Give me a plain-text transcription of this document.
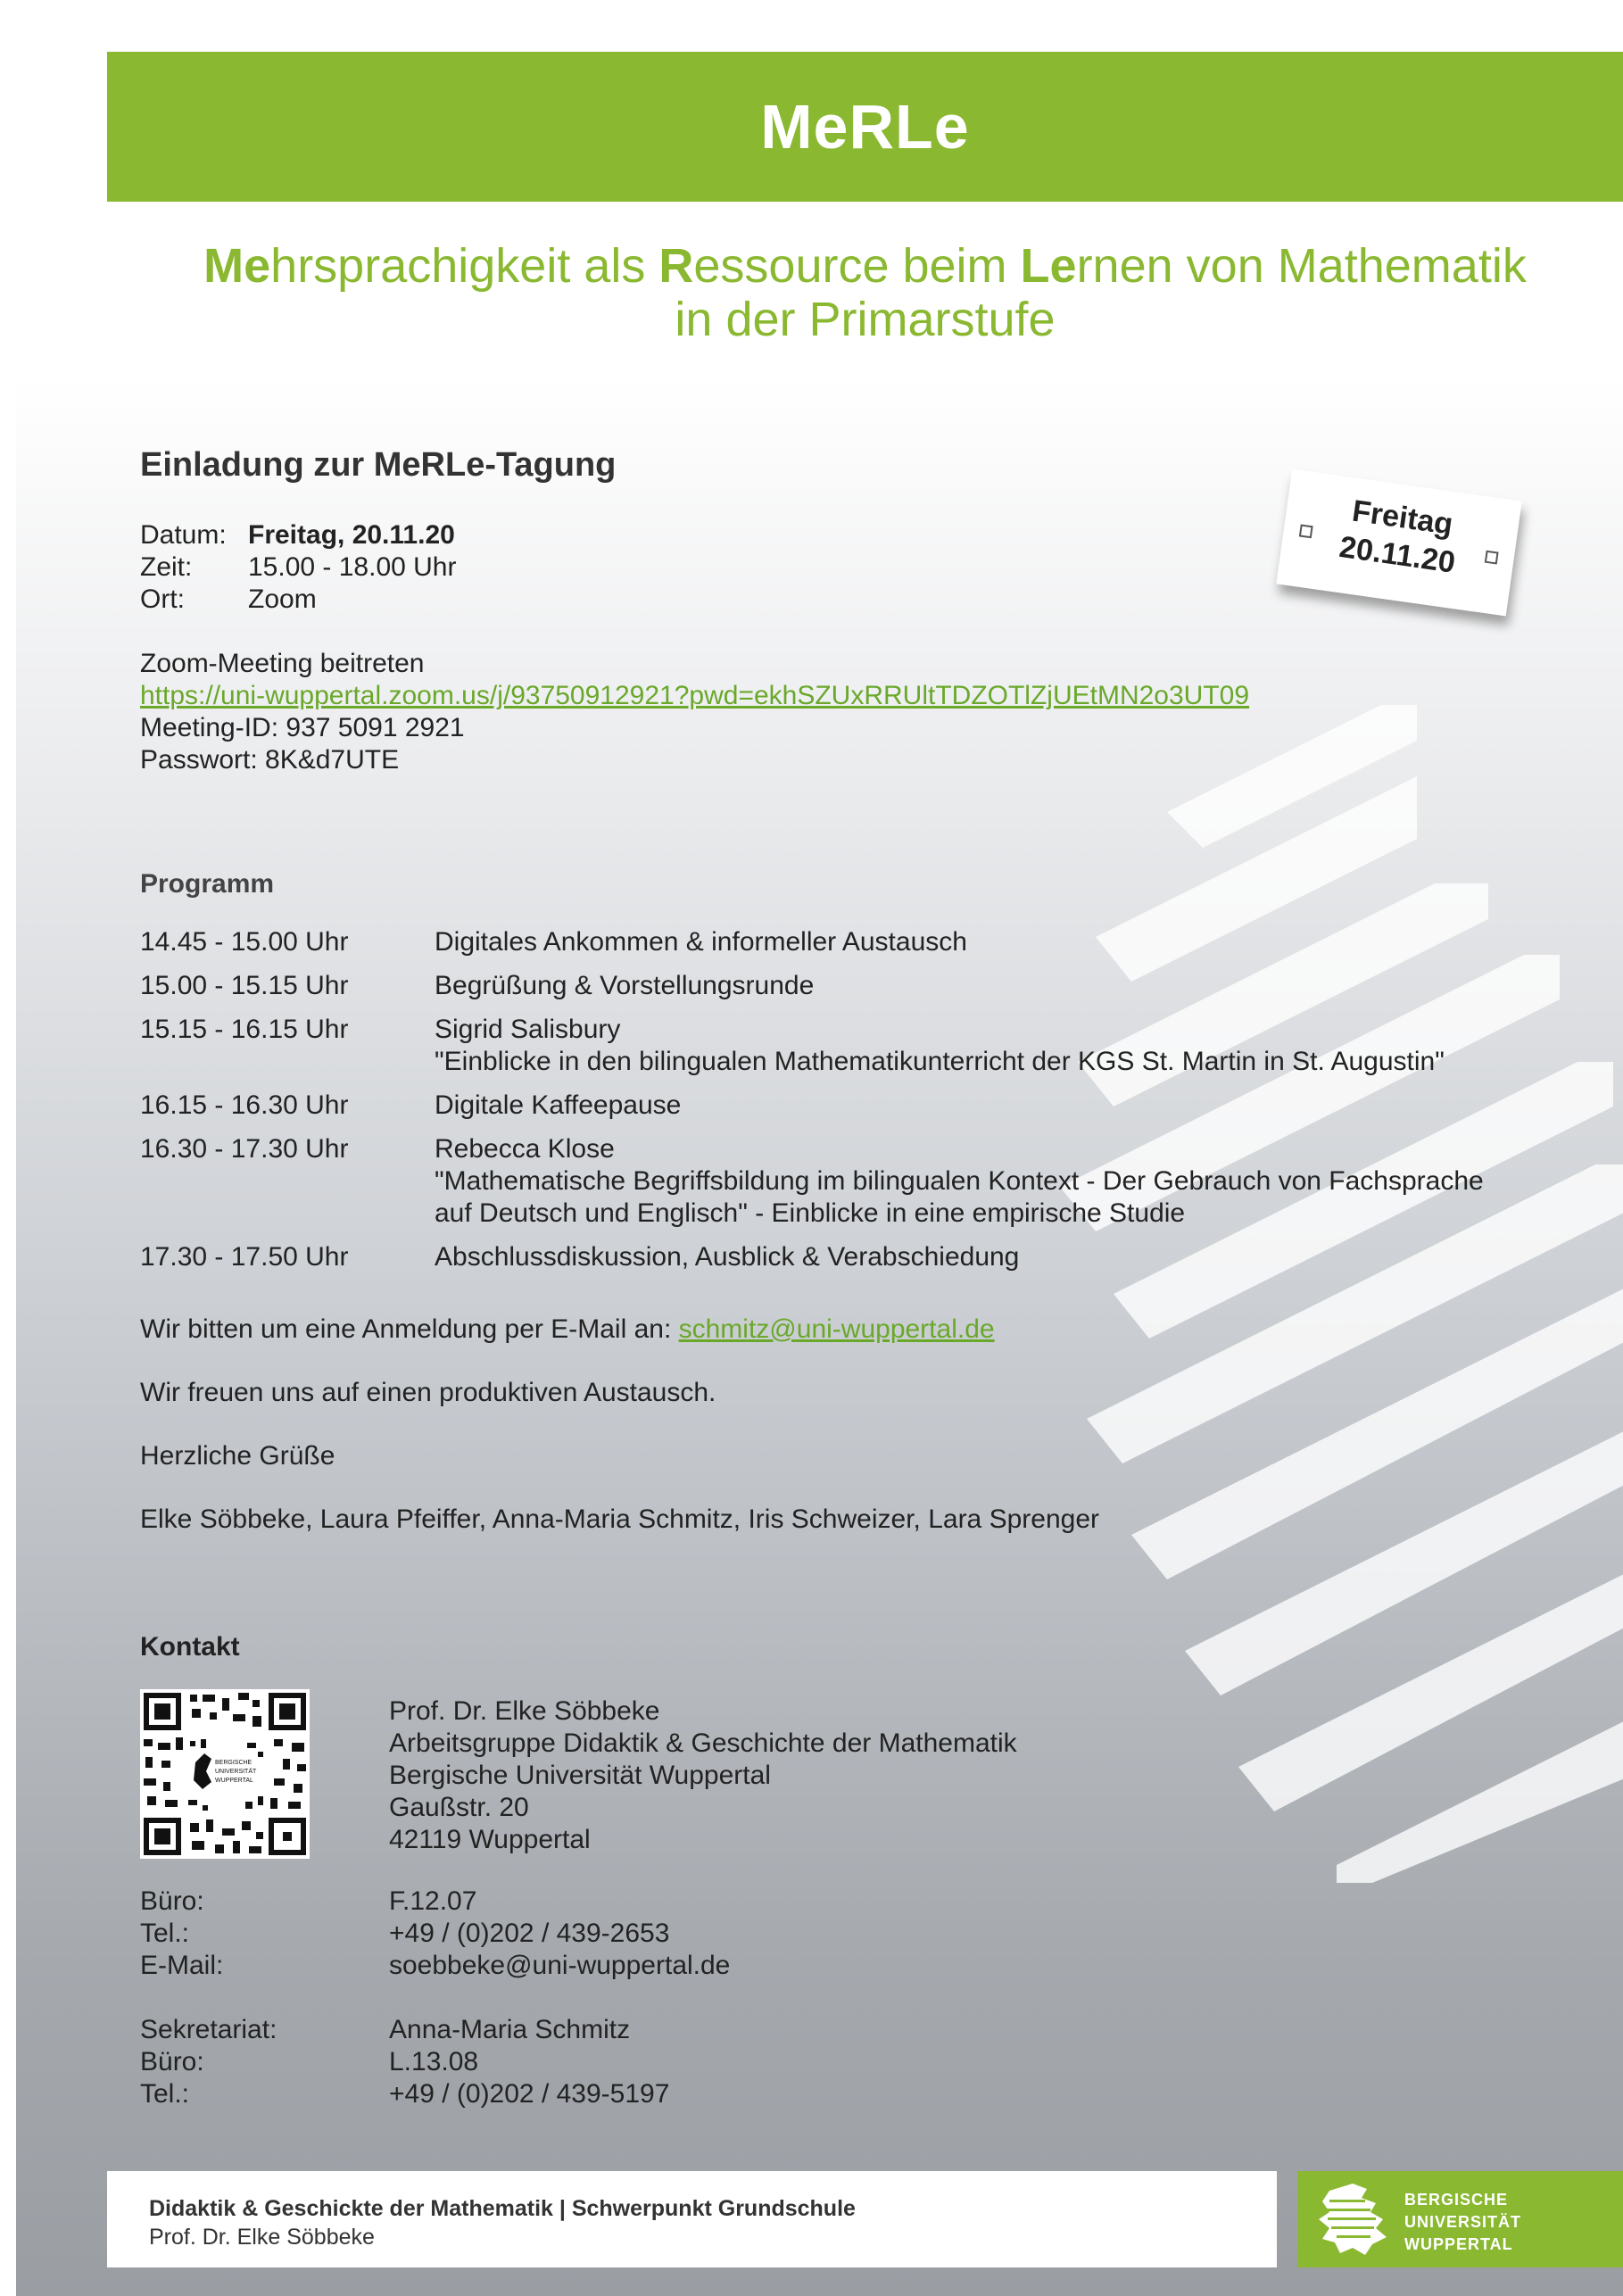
MeRLe
Mehrsprachigkeit als Ressource beim Lernen von Mathematik
in der Primarstufe
Freitag
20.11.20
Einladung zur MeRLe-Tagung
Datum: Freitag, 20.11.20
Zeit:	15.00 - 18.00 Uhr
Ort:	Zoom
Zoom-Meeting beitreten
https://uni-wuppertal.zoom.us/j/93750912921?pwd=ekhSZUxRRUltTDZOTlZjUEtMN2o3UT09
Meeting-ID: 937 5091 2921
Passwort: 8K&d7UTE
Programm
14.45 - 15.00 Uhr	Digitales Ankommen & informeller Austausch
15.00 - 15.15 Uhr	Begrüßung & Vorstellungsrunde
15.15 - 16.15 Uhr	Sigrid Salisbury
"Einblicke in den bilingualen Mathematikunterricht der KGS St. Martin in St. Augustin"
16.15 - 16.30 Uhr	Digitale Kaffeepause
16.30 - 17.30 Uhr	Rebecca Klose
"Mathematische Begriffsbildung im bilingualen Kontext - Der Gebrauch von Fachsprache
auf Deutsch und Englisch" - Einblicke in eine empirische Studie
17.30 - 17.50 Uhr	Abschlussdiskussion, Ausblick & Verabschiedung
Wir bitten um eine Anmeldung per E-Mail an: schmitz@uni-wuppertal.de
Wir freuen uns auf einen produktiven Austausch.
Herzliche Grüße
Elke Söbbeke, Laura Pfeiffer, Anna-Maria Schmitz, Iris Schweizer, Lara Sprenger
Kontakt
BERGISCHE
UNIVERSITÄT
WUPPERTAL
Prof. Dr. Elke Söbbeke
Arbeitsgruppe Didaktik & Geschichte der Mathematik
Bergische Universität Wuppertal
Gaußstr. 20
42119 Wuppertal
Büro:	F.12.07
Tel.:	+49 / (0)202 / 439-2653
E-Mail:	soebbeke@uni-wuppertal.de
Sekretariat:	Anna-Maria Schmitz
Büro:	L.13.08
Tel.:	+49 / (0)202 / 439-5197
Didaktik & Geschickte der Mathematik | Schwerpunkt Grundschule
Prof. Dr. Elke Söbbeke
BERGISCHE
UNIVERSITÄT
WUPPERTAL
